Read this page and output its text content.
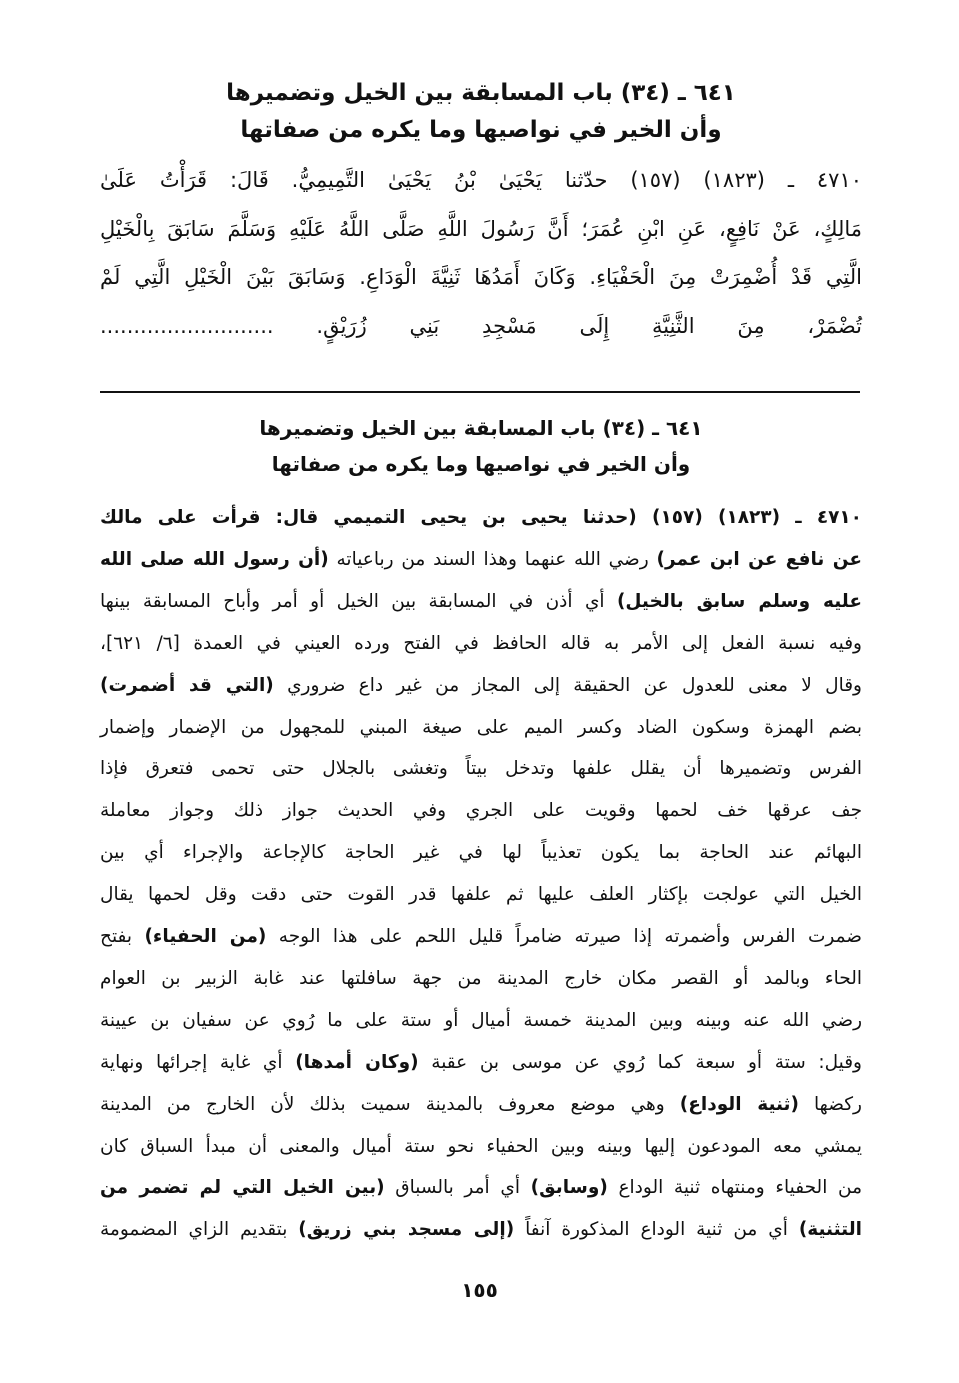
٦٤١ ـ (٣٤) باب المسابقة بين الخيل وتضميرها
وأن الخير في نواصيها وما يكره من صفاتها
٤٧١٠ ـ (١٨٢٣) (١٥٧) حدّثنا يَحْيَىٰ بْنُ يَحْيَىٰ التَّمِيمِيُّ. قَالَ: قَرَأْتُ عَلَىٰ
مَالِكٍ، عَنْ نَافِعٍ، عَنِ ابْنِ عُمَرَ؛ أَنَّ رَسُولَ اللَّهِ صَلَّى اللَّهُ عَلَيْهِ وَسَلَّمَ سَابَقَ بِالْخَيْلِ
الَّتِي قَدْ أُضْمِرَتْ مِنَ الْحَفْيَاءِ. وَكَانَ أَمَدُهَا ثَنِيَّةَ الْوَدَاعِ. وَسَابَقَ بَيْنَ الْخَيْلِ الَّتِي لَمْ
تُضْمَرْ، مِنَ الثَّنِيَّةِ إِلَى مَسْجِدِ بَنِي زُرَيْقٍ. ..........................
٦٤١ ـ (٣٤) باب المسابقة بين الخيل وتضميرها
وأن الخير في نواصيها وما يكره من صفاتها
٤٧١٠ ـ (١٨٢٣) (١٥٧) (حدثنا يحيى بن يحيى التميمي قال: قرأت على مالك
عن نافع عن ابن عمر) رضي الله عنهما وهذا السند من رباعياته (أن رسول الله صلى الله
عليه وسلم سابق بالخيل) أي أذن في المسابقة بين الخيل أو أمر وأباح المسابقة بينها
وفيه نسبة الفعل إلى الأمر به قاله الحافظ في الفتح ورده العيني في العمدة [٦/ ٦٢١]،
وقال لا معنى للعدول عن الحقيقة إلى المجاز من غير داع ضروري (التي قد أضمرت)
بضم الهمزة وسكون الضاد وكسر الميم على صيغة المبني للمجهول من الإضمار وإضمار
الفرس وتضميرها أن يقلل علفها وتدخل بيتاً وتغشى بالجلال حتى تحمى فتعرق فإذا
جف عرقها خف لحمها وقويت على الجري وفي الحديث جواز ذلك وجواز معاملة
البهائم عند الحاجة بما يكون تعذيباً لها في غير الحاجة كالإجاعة والإجراء أي بين
الخيل التي عولجت بإكثار العلف عليها ثم علفها قدر القوت حتى دقت وقل لحمها يقال
ضمرت الفرس وأضمرته إذا صيرته ضامراً قليل اللحم على هذا الوجه (من الحفياء) بفتح
الحاء وبالمد أو القصر مكان خارج المدينة من جهة سافلتها عند غابة الزبير بن العوام
رضي الله عنه وبينه وبين المدينة خمسة أميال أو ستة على ما رُوي عن سفيان بن عيينة
وقيل: ستة أو سبعة كما رُوي عن موسى بن عقبة (وكان أمدها) أي غاية إجرائها ونهاية
ركضها (ثنية الوداع) وهي موضع معروف بالمدينة سميت بذلك لأن الخارج من المدينة
يمشي معه المودعون إليها وبينه وبين الحفياء نحو ستة أميال والمعنى أن مبدأ السباق كان
من الحفياء ومنتهاه ثنية الوداع (وسابق) أي أمر بالسباق (بين الخيل التي لم تضمر من
التثنية) أي من ثنية الوداع المذكورة آنفاً (إلى مسجد بني زريق) بتقديم الزاي المضمومة
١٥٥
